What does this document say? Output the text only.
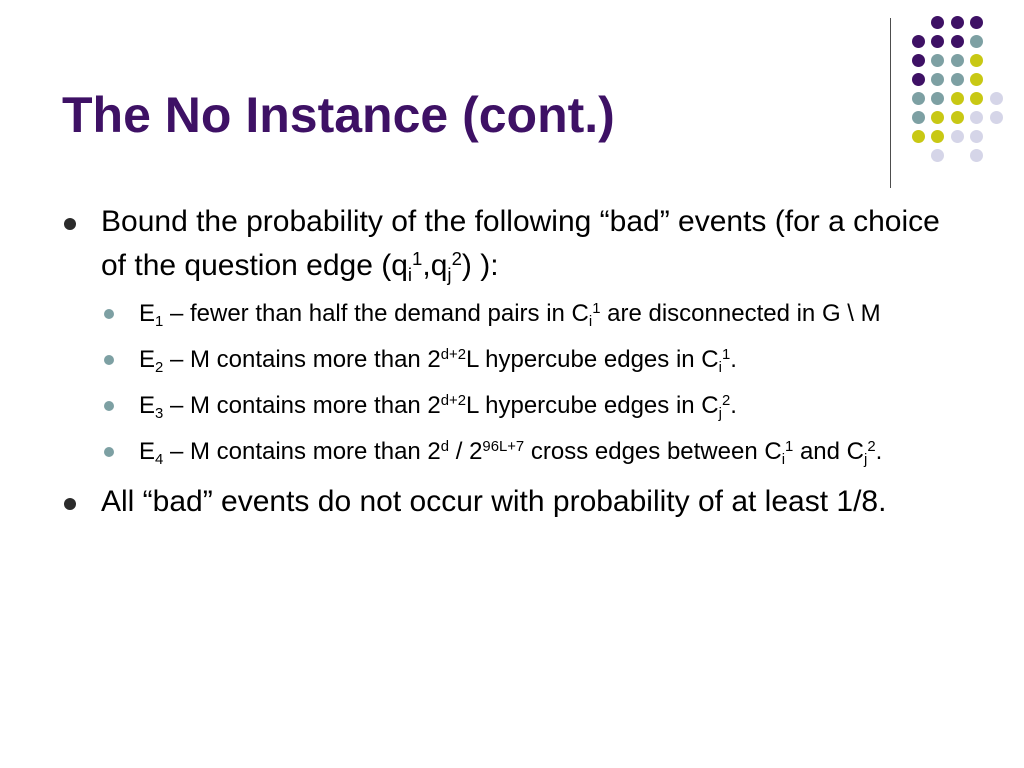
The No Instance (cont.)
Bound the probability of the following “bad” events (for a choice of the question edge $(qi^1,qj^2)$ ):
E1 – fewer than half the demand pairs in Ci$^1$ are disconnected in G \ M
E2 – M contains more than $2^{d+2}L$ hypercube edges in Ci$^1$.
E3 – M contains more than $2^{d+2}L$ hypercube edges in Cj$^2$.
E4 – M contains more than $2^d / 2^{96L+7}$ cross edges between Ci$^1$ and Cj$^2$.
All “bad” events do not occur with probability of at least 1/8.
